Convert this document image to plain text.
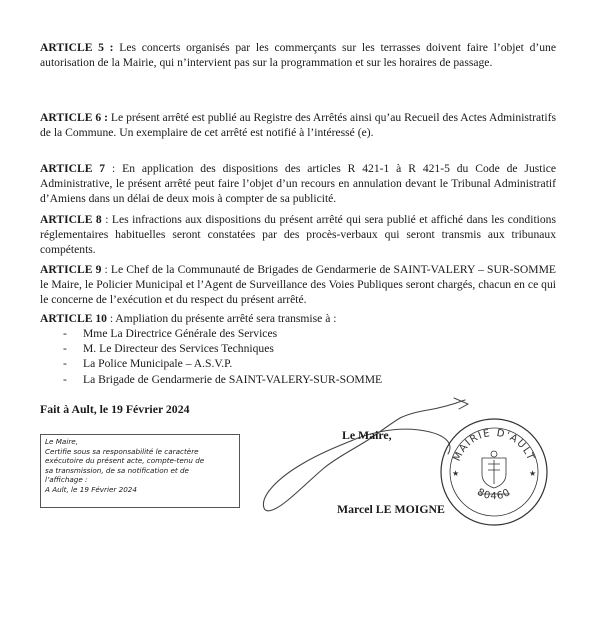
ARTICLE 5 : Les concerts organisés par les commerçants sur les terrasses doivent faire l’objet d’une autorisation de la Mairie, qui n’intervient pas sur la programmation et sur les horaires de passage.

ARTICLE 6 : Le présent arrêté est publié au Registre des Arrêtés ainsi qu’au Recueil des Actes Administratifs de la Commune. Un exemplaire de cet arrêté est notifié à l’intéressé (e).

ARTICLE 7 : En application des dispositions des articles R 421-1 à R 421-5 du Code de Justice Administrative, le présent arrêté peut faire l’objet d’un recours en annulation devant le Tribunal Administratif d’Amiens dans un délai de deux mois à compter de sa publicité.

ARTICLE 8 : Les infractions aux dispositions du présent arrêté qui sera publié et affiché dans les conditions réglementaires habituelles seront constatées par des procès-verbaux qui seront transmis aux tribunaux compétents.

ARTICLE 9 : Le Chef de la Communauté de Brigades de Gendarmerie de SAINT-VALERY – SUR-SOMME le Maire, le Policier Municipal et l’Agent de Surveillance des Voies Publiques seront chargés, chacun en ce qui le concerne de l’exécution et du respect du présent arrêté.

ARTICLE 10 : Ampliation du présente arrêté sera transmise à :

- Mme La Directrice Générale des Services
- M. Le Directeur des Services Techniques
- La Police Municipale – A.S.V.P.
- La Brigade de Gendarmerie de SAINT-VALERY-SUR-SOMME

Fait à Ault, le 19 Février 2024

Le Maire,
Certifie sous sa responsabilité le caractère
exécutoire du présent acte, compte-tenu de
sa transmission, de sa notification et de
l’affichage :
A Ault, le 19 Février 2024

Le Maire,

Marcel LE MOIGNE

MAIRIE D'AULT
80460
★	★
